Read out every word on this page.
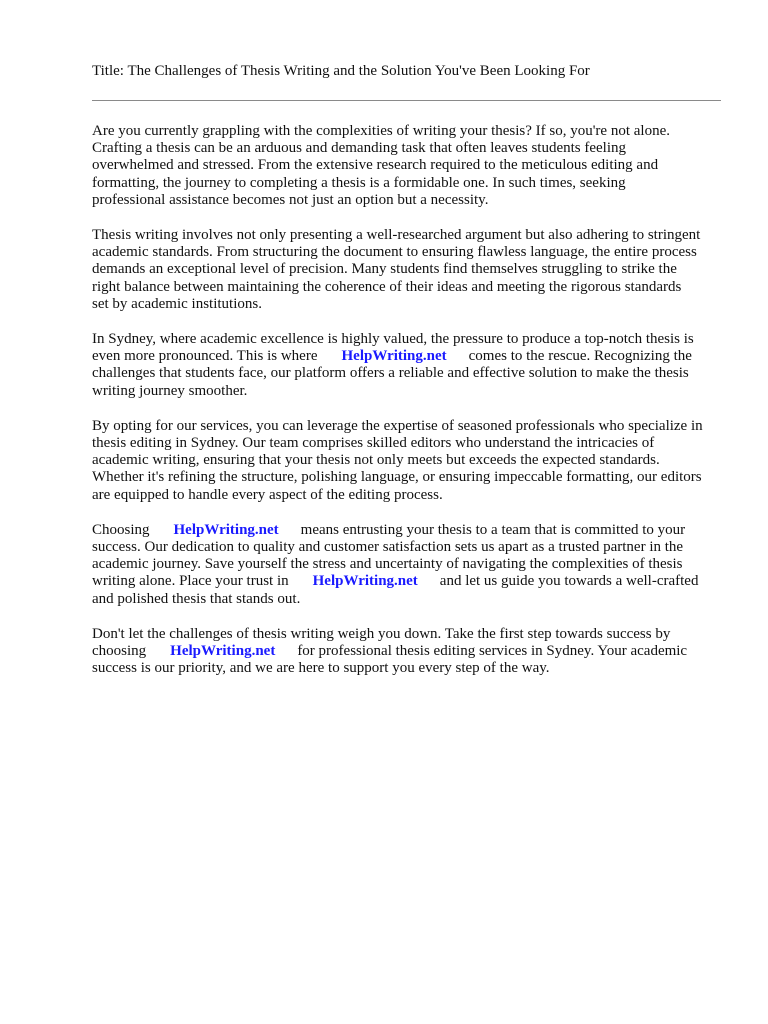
Title: The Challenges of Thesis Writing and the Solution You've Been Looking For

Are you currently grappling with the complexities of writing your thesis? If so, you're not alone.
Crafting a thesis can be an arduous and demanding task that often leaves students feeling
overwhelmed and stressed. From the extensive research required to the meticulous editing and
formatting, the journey to completing a thesis is a formidable one. In such times, seeking
professional assistance becomes not just an option but a necessity.

Thesis writing involves not only presenting a well-researched argument but also adhering to stringent
academic standards. From structuring the document to ensuring flawless language, the entire process
demands an exceptional level of precision. Many students find themselves struggling to strike the
right balance between maintaining the coherence of their ideas and meeting the rigorous standards
set by academic institutions.

In Sydney, where academic excellence is highly valued, the pressure to produce a top-notch thesis is
even more pronounced. This is where HelpWriting.net comes to the rescue. Recognizing the
challenges that students face, our platform offers a reliable and effective solution to make the thesis
writing journey smoother.

By opting for our services, you can leverage the expertise of seasoned professionals who specialize in
thesis editing in Sydney. Our team comprises skilled editors who understand the intricacies of
academic writing, ensuring that your thesis not only meets but exceeds the expected standards.
Whether it's refining the structure, polishing language, or ensuring impeccable formatting, our editors
are equipped to handle every aspect of the editing process.

Choosing HelpWriting.net means entrusting your thesis to a team that is committed to your
success. Our dedication to quality and customer satisfaction sets us apart as a trusted partner in the
academic journey. Save yourself the stress and uncertainty of navigating the complexities of thesis
writing alone. Place your trust in HelpWriting.net and let us guide you towards a well-crafted
and polished thesis that stands out.

Don't let the challenges of thesis writing weigh you down. Take the first step towards success by
choosing HelpWriting.net for professional thesis editing services in Sydney. Your academic
success is our priority, and we are here to support you every step of the way.
